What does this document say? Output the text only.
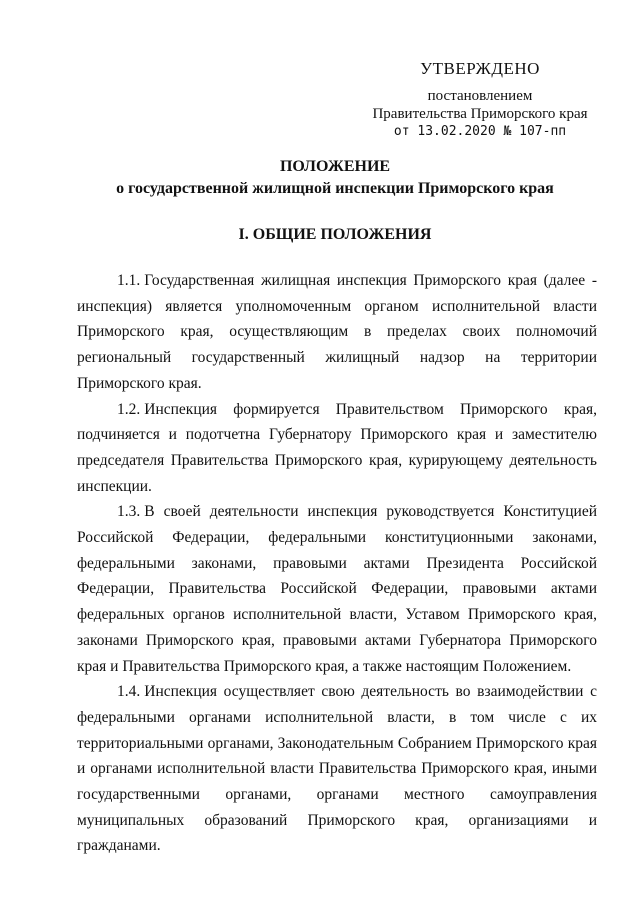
УТВЕРЖДЕНО
постановлением
Правительства Приморского края
от 13.02.2020 № 107-пп
ПОЛОЖЕНИЕ
о государственной жилищной инспекции Приморского края
I. ОБЩИЕ ПОЛОЖЕНИЯ

1.1. Государственная жилищная инспекция Приморского края (далее - инспекция) является уполномоченным органом исполнительной власти Приморского края, осуществляющим в пределах своих полномочий региональный государственный жилищный надзор на территории Приморского края.

1.2. Инспекция формируется Правительством Приморского края, подчиняется и подотчетна Губернатору Приморского края и заместителю председателя Правительства Приморского края, курирующему деятельность инспекции.

1.3. В своей деятельности инспекция руководствуется Конституцией Российской Федерации, федеральными конституционными законами, федеральными законами, правовыми актами Президента Российской Федерации, Правительства Российской Федерации, правовыми актами федеральных органов исполнительной власти, Уставом Приморского края, законами Приморского края, правовыми актами Губернатора Приморского края и Правительства Приморского края, а также настоящим Положением.

1.4. Инспекция осуществляет свою деятельность во взаимодействии с федеральными органами исполнительной власти, в том числе с их территориальными органами, Законодательным Собранием Приморского края и органами исполнительной власти Правительства Приморского края, иными государственными органами, органами местного самоуправления муниципальных образований Приморского края, организациями и гражданами.
